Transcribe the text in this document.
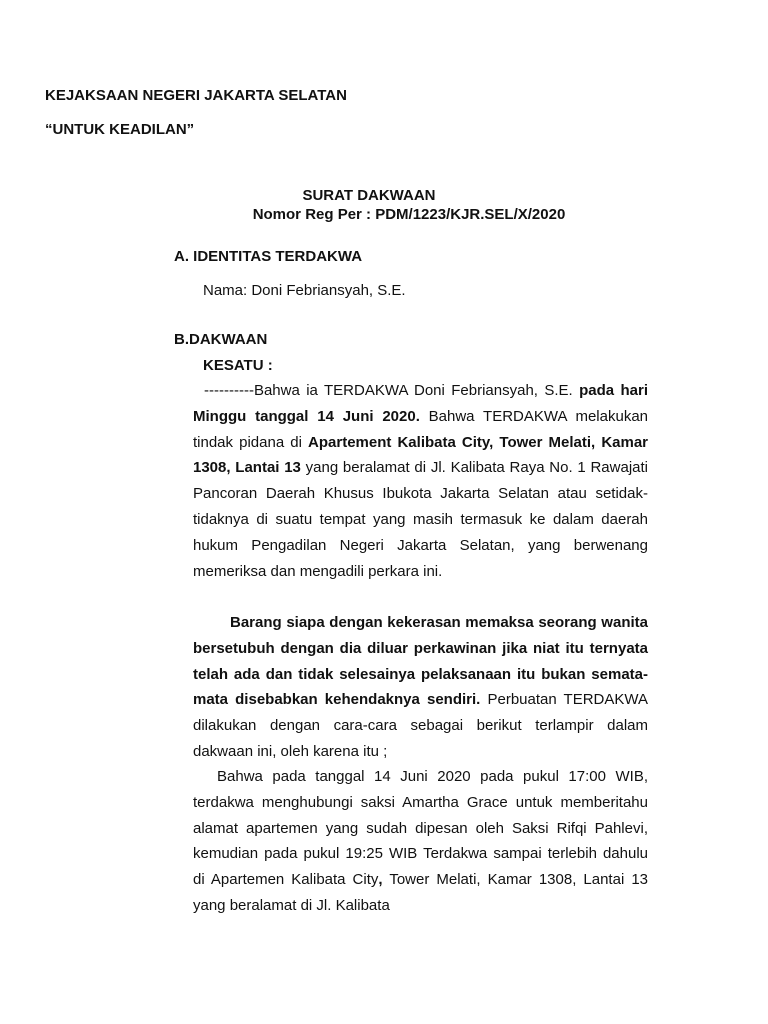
KEJAKSAAN NEGERI JAKARTA SELATAN
“UNTUK KEADILAN”
SURAT DAKWAAN
Nomor Reg Per : PDM/1223/KJR.SEL/X/2020
A. IDENTITAS TERDAKWA
Nama: Doni Febriansyah, S.E.
B.DAKWAAN
KESATU :
----------Bahwa ia TERDAKWA Doni Febriansyah, S.E. pada hari Minggu tanggal 14 Juni 2020. Bahwa TERDAKWA melakukan tindak pidana di Apartement Kalibata City, Tower Melati, Kamar 1308, Lantai 13 yang beralamat di Jl. Kalibata Raya No. 1 Rawajati Pancoran Daerah Khusus Ibukota Jakarta Selatan atau setidak-tidaknya di suatu tempat yang masih termasuk ke dalam daerah hukum Pengadilan Negeri Jakarta Selatan, yang berwenang memeriksa dan mengadili perkara ini.
Barang siapa dengan kekerasan memaksa seorang wanita bersetubuh dengan dia diluar perkawinan jika niat itu ternyata telah ada dan tidak selesainya pelaksanaan itu bukan semata-mata disebabkan kehendaknya sendiri. Perbuatan TERDAKWA dilakukan dengan cara-cara sebagai berikut terlampir dalam dakwaan ini, oleh karena itu ;
Bahwa pada tanggal 14 Juni 2020 pada pukul 17:00 WIB, terdakwa menghubungi saksi Amartha Grace untuk memberitahu alamat apartemen yang sudah dipesan oleh Saksi Rifqi Pahlevi, kemudian pada pukul 19:25 WIB Terdakwa sampai terlebih dahulu di Apartemen Kalibata City, Tower Melati, Kamar 1308, Lantai 13 yang beralamat di Jl. Kalibata
